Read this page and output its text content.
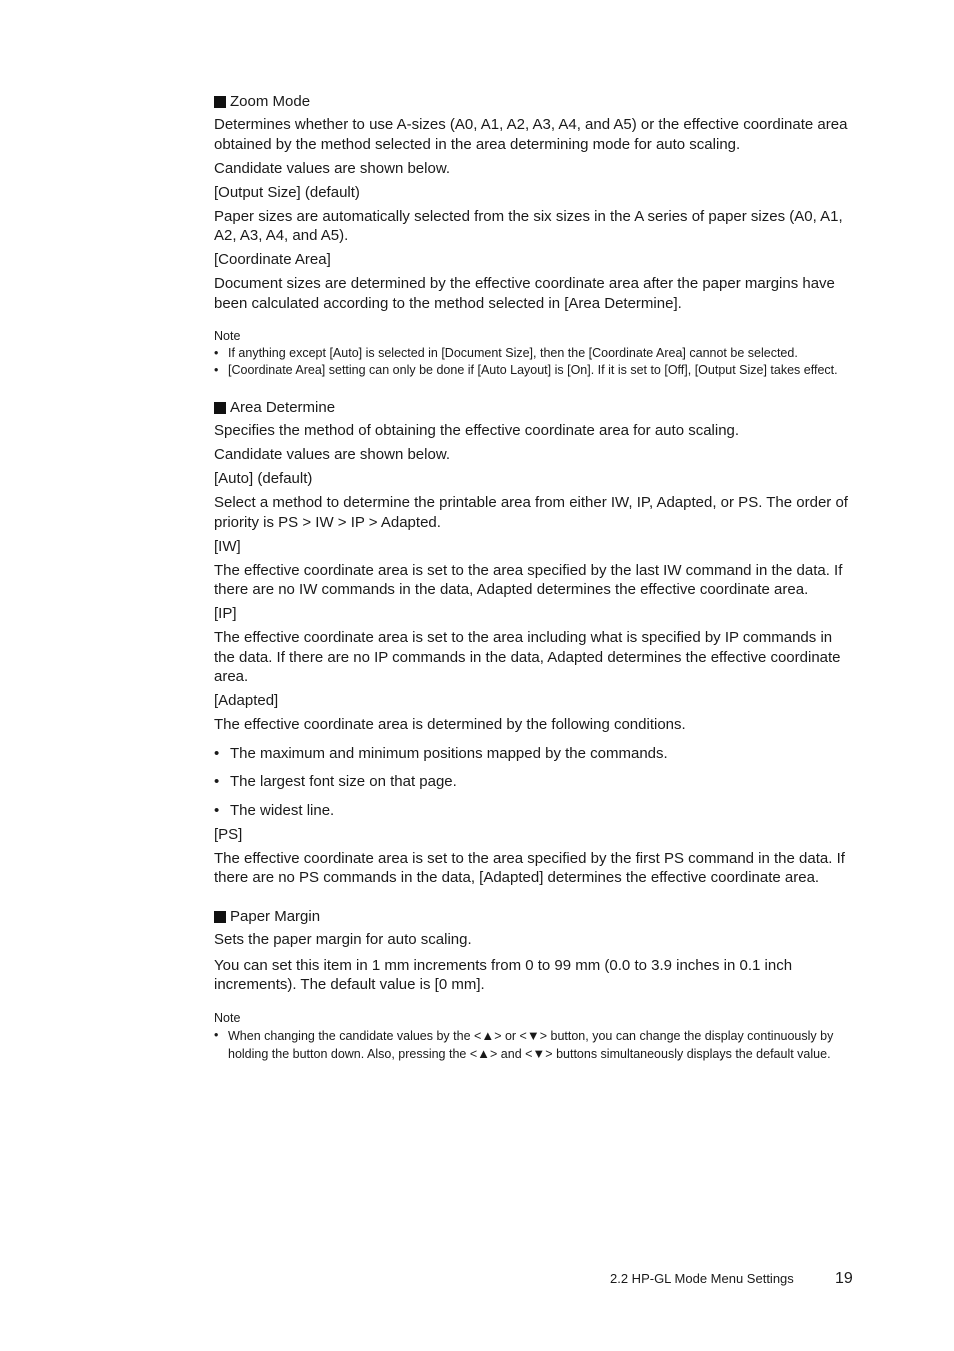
Zoom Mode
Determines whether to use A-sizes (A0, A1, A2, A3, A4, and A5) or the effective coordinate area obtained by the method selected in the area determining mode for auto scaling.
Candidate values are shown below.
[Output Size] (default)
Paper sizes are automatically selected from the six sizes in the A series of paper sizes (A0, A1, A2, A3, A4, and A5).
[Coordinate Area]
Document sizes are determined by the effective coordinate area after the paper margins have been calculated according to the method selected in [Area Determine].
Note
• If anything except [Auto] is selected in [Document Size], then the [Coordinate Area] cannot be selected.
• [Coordinate Area] setting can only be done if [Auto Layout] is [On]. If it is set to [Off], [Output Size] takes effect.
Area Determine
Specifies the method of obtaining the effective coordinate area for auto scaling.
Candidate values are shown below.
[Auto] (default)
Select a method to determine the printable area from either IW, IP, Adapted, or PS. The order of priority is PS > IW > IP > Adapted.
[IW]
The effective coordinate area is set to the area specified by the last IW command in the data. If there are no IW commands in the data, Adapted determines the effective coordinate area.
[IP]
The effective coordinate area is set to the area including what is specified by IP commands in the data. If there are no IP commands in the data, Adapted determines the effective coordinate area.
[Adapted]
The effective coordinate area is determined by the following conditions.
• The maximum and minimum positions mapped by the commands.
• The largest font size on that page.
• The widest line.
[PS]
The effective coordinate area is set to the area specified by the first PS command in the data. If there are no PS commands in the data, [Adapted] determines the effective coordinate area.
Paper Margin
Sets the paper margin for auto scaling.
You can set this item in 1 mm increments from 0 to 99 mm (0.0 to 3.9 inches in 0.1 inch increments). The default value is [0 mm].
Note
• When changing the candidate values by the <▲> or <▼> button, you can change the display continuously by holding the button down. Also, pressing the <▲> and <▼> buttons simultaneously displays the default value.
2.2 HP-GL Mode Menu Settings	19
